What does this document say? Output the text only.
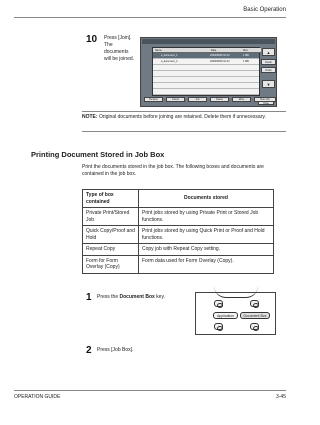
Basic Operation
10 Press [Join]. The documents will be joined.
Name	Date	Size
a_document_1	2008/08/08 10:10	1 MB
a_document_2	2008/08/08 10:10	1 MB
▲
Detail
Order
▼
Rename	Cancel	Join	Delete	Move	Store File
Close
NOTE: Original documents before joining are retained. Delete them if unnecessary.
Printing Document Stored in Job Box
Print the documents stored in the job box. The following boxes and documents are contained in the job box.
Type of box contained	Documents stored
Private Print/Stored Job	Print jobs stored by using Private Print or Stored Job functions.
Quick Copy/Proof and Hold	Print jobs stored by using Quick Print or Proof and Hold functions.
Repeat Copy	Copy job with Repeat Copy setting.
Form for Form Overlay (Copy)	Form data used for Form Overlay (Copy).
1 Press the Document Box key.
Application	Document Box
2 Press [Job Box].
OPERATION GUIDE	3-45
